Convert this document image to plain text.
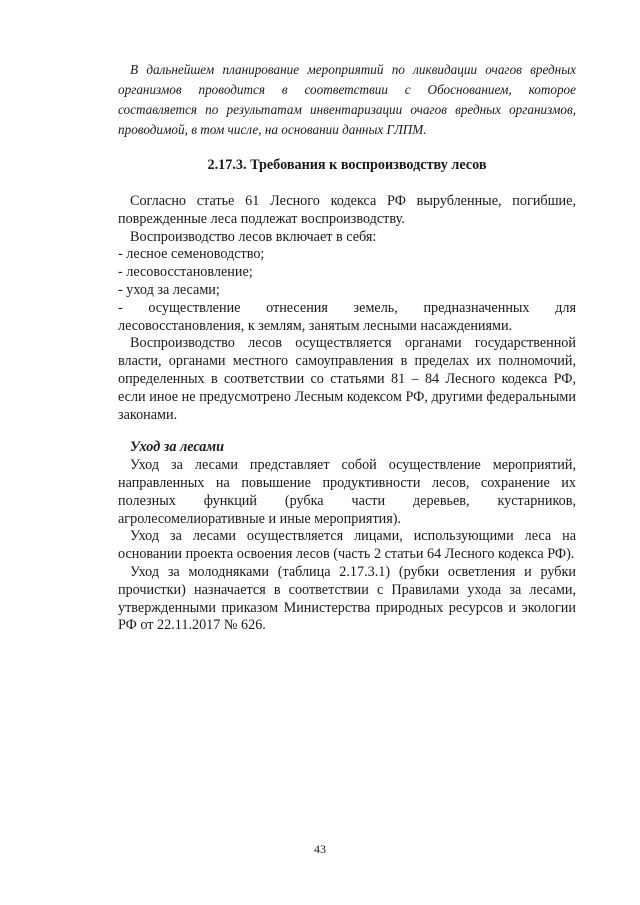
В дальнейшем планирование мероприятий по ликвидации очагов вредных организмов проводится в соответствии с Обоснованием, которое составляется по результатам инвентаризации очагов вредных организмов, проводимой, в том числе, на основании данных ГЛПМ.
2.17.3. Требования к воспроизводству лесов

Согласно статье 61 Лесного кодекса РФ вырубленные, погибшие, поврежденные леса подлежат воспроизводству.

Воспроизводство лесов включает в себя:

- лесное семеноводство;

- лесовосстановление;

- уход за лесами;

- осуществление отнесения земель, предназначенных для лесовосстановления, к землям, занятым лесными насаждениями.

Воспроизводство лесов осуществляется органами государственной власти, органами местного самоуправления в пределах их полномочий, определенных в соответствии со статьями 81 – 84 Лесного кодекса РФ, если иное не предусмотрено Лесным кодексом РФ, другими федеральными законами.

Уход за лесами

Уход за лесами представляет собой осуществление мероприятий, направленных на повышение продуктивности лесов, сохранение их полезных функций (рубка части деревьев, кустарников, агролесомелиоративные и иные мероприятия).

Уход за лесами осуществляется лицами, использующими леса на основании проекта освоения лесов (часть 2 статьи 64 Лесного кодекса РФ).

Уход за молодняками (таблица 2.17.3.1) (рубки осветления и рубки прочистки) назначается в соответствии с Правилами ухода за лесами, утвержденными приказом Министерства природных ресурсов и экологии РФ от 22.11.2017 № 626.

43
